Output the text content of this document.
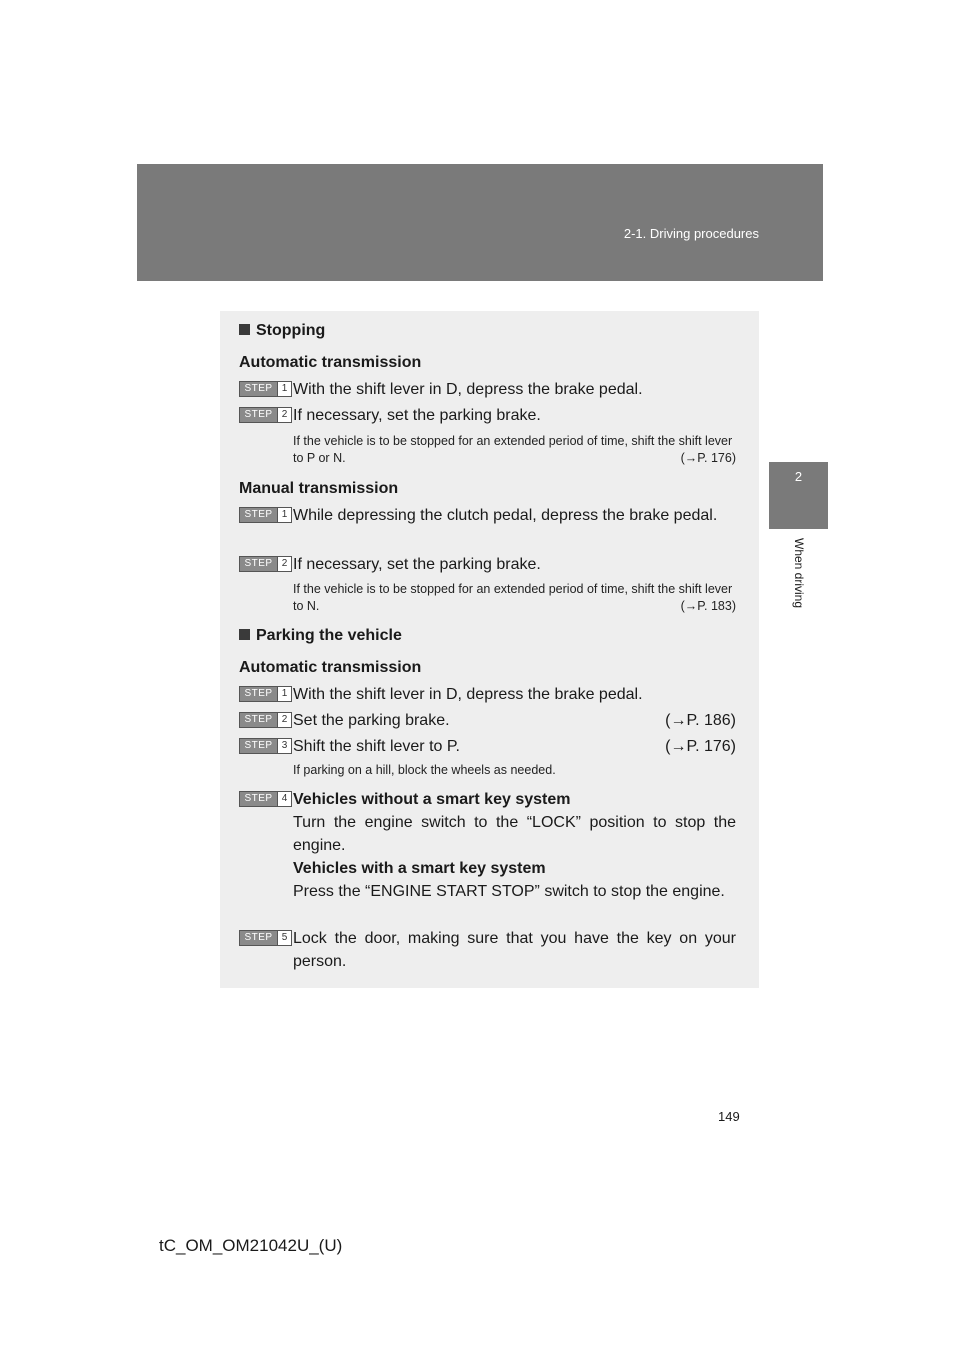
2-1. Driving procedures
2
When driving
Stopping
Automatic transmission
STEP 1 With the shift lever in D, depress the brake pedal.
STEP 2 If necessary, set the parking brake.
If the vehicle is to be stopped for an extended period of time, shift the shift lever to P or N.	(→P. 176)
Manual transmission
STEP 1 While depressing the clutch pedal, depress the brake pedal.
STEP 2 If necessary, set the parking brake.
If the vehicle is to be stopped for an extended period of time, shift the shift lever to N.	(→P. 183)
Parking the vehicle
Automatic transmission
STEP 1 With the shift lever in D, depress the brake pedal.
STEP 2 Set the parking brake.	(→P. 186)
STEP 3 Shift the shift lever to P.	(→P. 176)
If parking on a hill, block the wheels as needed.
STEP 4 Vehicles without a smart key system
Turn the engine switch to the “LOCK” position to stop the engine.
Vehicles with a smart key system
Press the “ENGINE START STOP” switch to stop the engine.
STEP 5 Lock the door, making sure that you have the key on your person.
149
tC_OM_OM21042U_(U)
